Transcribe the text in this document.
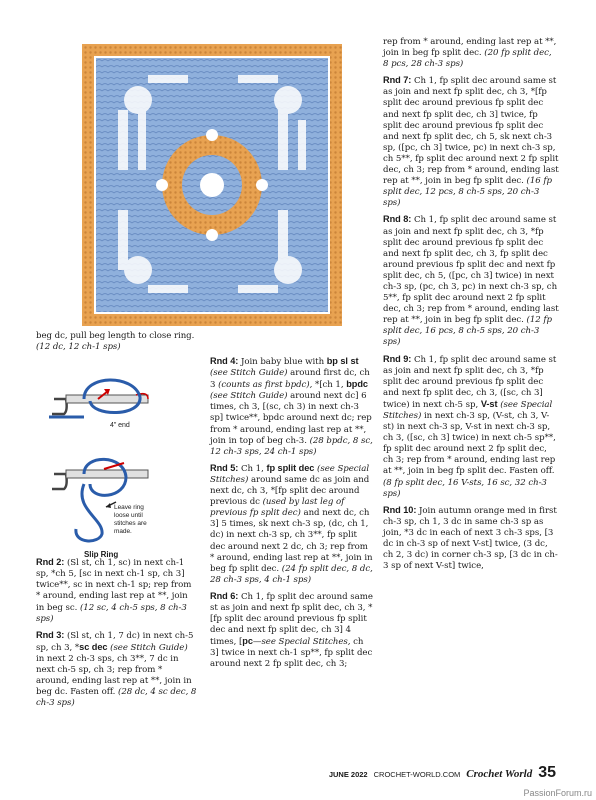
beg dc, pull beg length to close ring. (12 dc, 12 ch-1 sps)

4" end
Leave ring loose until stitches are made.
Slip Ring

Rnd 2: (Sl st, ch 1, sc) in next ch-1 sp, *ch 5, [sc in next ch-1 sp, ch 3] twice**, sc in next ch-1 sp; rep from * around, ending last rep at **, join in beg sc. (12 sc, 4 ch-5 sps, 8 ch-3 sps)

Rnd 3: (Sl st, ch 1, 7 dc) in next ch-5 sp, ch 3, *sc dec (see Stitch Guide) in next 2 ch-3 sps, ch 3**, 7 dc in next ch-5 sp, ch 3; rep from * around, ending last rep at **, join in beg dc. Fasten off. (28 dc, 4 sc dec, 8 ch-3 sps)

Rnd 4: Join baby blue with bp sl st (see Stitch Guide) around first dc, ch 3 (counts as first bpdc), *[ch 1, bpdc (see Stitch Guide) around next dc] 6 times, ch 3, [(sc, ch 3) in next ch-3 sp] twice**, bpdc around next dc; rep from * around, ending last rep at **, join in top of beg ch-3. (28 bpdc, 8 sc, 12 ch-3 sps, 24 ch-1 sps)

Rnd 5: Ch 1, fp split dec (see Special Stitches) around same dc as join and next dc, ch 3, *[fp split dec around previous dc (used by last leg of previous fp split dec) and next dc, ch 3] 5 times, sk next ch-3 sp, (dc, ch 1, dc) in next ch-3 sp, ch 3**, fp split dec around next 2 dc, ch 3; rep from * around, ending last rep at **, join in beg fp split dec. (24 fp split dec, 8 dc, 28 ch-3 sps, 4 ch-1 sps)

Rnd 6: Ch 1, fp split dec around same st as join and next fp split dec, ch 3, *[fp split dec around previous fp split dec and next fp split dec, ch 3] 4 times, [pc—see Special Stitches, ch 3] twice in next ch-1 sp**, fp split dec around next 2 fp split dec, ch 3;

rep from * around, ending last rep at **, join in beg fp split dec. (20 fp split dec, 8 pcs, 28 ch-3 sps)

Rnd 7: Ch 1, fp split dec around same st as join and next fp split dec, ch 3, *[fp split dec around previous fp split dec and next fp split dec, ch 3] twice, fp split dec around previous fp split dec and next fp split dec, ch 5, sk next ch-3 sp, ([pc, ch 3] twice, pc) in next ch-3 sp, ch 5**, fp split dec around next 2 fp split dec, ch 3; rep from * around, ending last rep at **, join in beg fp split dec. (16 fp split dec, 12 pcs, 8 ch-5 sps, 20 ch-3 sps)

Rnd 8: Ch 1, fp split dec around same st as join and next fp split dec, ch 3, *fp split dec around previous fp split dec and next fp split dec, ch 3, fp split dec around previous fp split dec and next fp split dec, ch 5, ([pc, ch 3] twice) in next ch-3 sp, (pc, ch 3, pc) in next ch-3 sp, ch 5**, fp split dec around next 2 fp split dec, ch 3; rep from * around, ending last rep at **, join in beg fp split dec. (12 fp split dec, 16 pcs, 8 ch-5 sps, 20 ch-3 sps)

Rnd 9: Ch 1, fp split dec around same st as join and next fp split dec, ch 3, *fp split dec around previous fp split dec and next fp split dec, ch 3, ([sc, ch 3] twice) in next ch-5 sp, V-st (see Special Stitches) in next ch-3 sp, (V-st, ch 3, V-st) in next ch-3 sp, V-st in next ch-3 sp, ch 3, ([sc, ch 3] twice) in next ch-5 sp**, fp split dec around next 2 fp split dec, ch 3; rep from * around, ending last rep at **, join in beg fp split dec. Fasten off. (8 fp split dec, 16 V-sts, 16 sc, 32 ch-3 sps)

Rnd 10: Join autumn orange med in first ch-3 sp, ch 1, 3 dc in same ch-3 sp as join, *3 dc in each of next 3 ch-3 sps, [3 dc in ch-3 sp of next V-st] twice, (3 dc, ch 2, 3 dc) in corner ch-3 sp, [3 dc in ch-3 sp of next V-st] twice,

JUNE 2022 CROCHET-WORLD.COM Crochet World 35
PassionForum.ru
